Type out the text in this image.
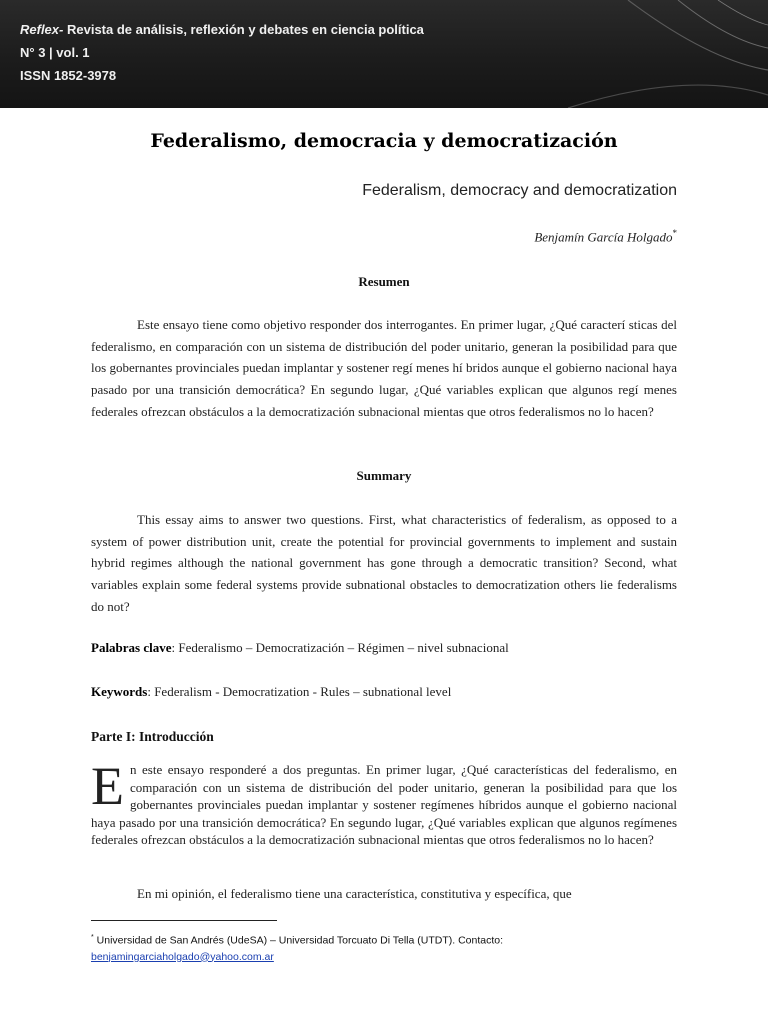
Reflex- Revista de análisis, reflexión y debates en ciencia política
N° 3 | vol. 1
ISSN 1852-3978
Federalismo, democracia y democratización
Federalism, democracy and democratization
Benjamín García Holgado*
Resumen

Este ensayo tiene como objetivo responder dos interrogantes. En primer lugar, ¿Qué caracterí sticas del federalismo, en comparación con un sistema de distribución del poder unitario, generan la posibilidad para que los gobernantes provinciales puedan implantar y sostener regí menes hí bridos aunque el gobierno nacional haya pasado por una transición democrática? En segundo lugar, ¿Qué variables explican que algunos regí menes federales ofrezcan obstáculos a la democratización subnacional mientas que otros federalismos no lo hacen?

Summary

This essay aims to answer two questions. First, what characteristics of federalism, as opposed to a system of power distribution unit, create the potential for provincial governments to implement and sustain hybrid regimes although the national government has gone through a democratic transition? Second, what variables explain some federal systems provide subnational obstacles to democratization others lie federalisms do not?

Palabras clave: Federalismo – Democratización – Régimen – nivel subnacional
Keywords: Federalism - Democratization - Rules – subnational level
Parte I: Introducción
En este ensayo responderé a dos preguntas. En primer lugar, ¿Qué características del federalismo, en comparación con un sistema de distribución del poder unitario, generan la posibilidad para que los gobernantes provinciales puedan implantar y sostener regímenes híbridos aunque el gobierno nacional haya pasado por una transición democrática? En segundo lugar, ¿Qué variables explican que algunos regímenes federales ofrezcan obstáculos a la democratización subnacional mientas que otros federalismos no lo hacen?

En mi opinión, el federalismo tiene una característica, constitutiva y específica, que

* Universidad de San Andrés (UdeSA) – Universidad Torcuato Di Tella (UTDT). Contacto:
benjamingarciaholgado@yahoo.com.ar
